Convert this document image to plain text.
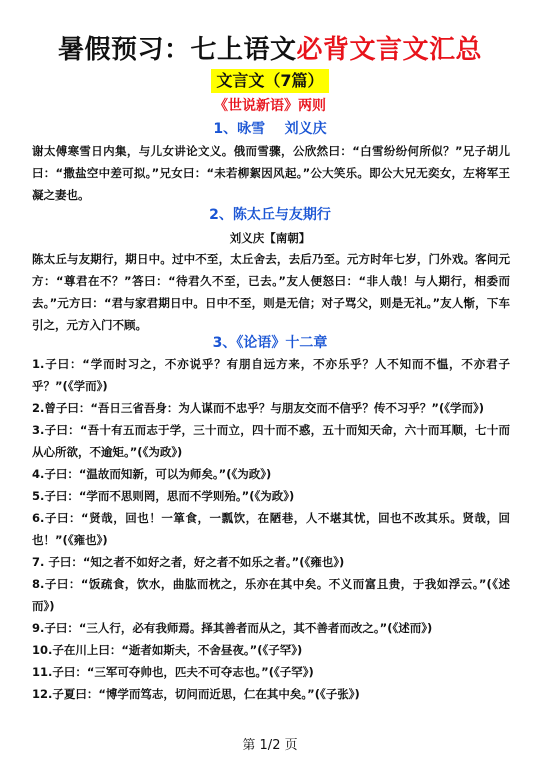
暑假预习：七上语文必背文言文汇总
文言文（7篇）
《世说新语》两则
1、咏雪    刘义庆
谢太傅寒雪日内集，与儿女讲论文义。俄而雪骤，公欣然曰：“白雪纷纷何所似？”兄子胡儿曰：“撒盐空中差可拟。”兄女曰：“未若柳絮因风起。”公大笑乐。即公大兄无奕女，左将军王凝之妻也。
2、陈太丘与友期行
刘义庆【南朝】
陈太丘与友期行，期日中。过中不至，太丘舍去，去后乃至。元方时年七岁，门外戏。客问元方：“尊君在不？”答曰：“待君久不至，已去。”友人便怒曰：“非人哉！与人期行，相委而去。”元方曰：“君与家君期日中。日中不至，则是无信；对子骂父，则是无礼。”友人惭，下车引之，元方入门不顾。
3、《论语》十二章
1.子曰：“学而时习之，不亦说乎？有朋自远方来，不亦乐乎？人不知而不愠，不亦君子乎？”(《学而》)
2.曾子曰：“吾日三省吾身：为人谋而不忠乎？与朋友交而不信乎？传不习乎？”(《学而》)
3.子曰：“吾十有五而志于学，三十而立，四十而不惑，五十而知天命，六十而耳顺，七十而从心所欲，不逾矩。”(《为政》)
4.子曰：“温故而知新，可以为师矣。”(《为政》)
5.子曰：“学而不思则罔，思而不学则殆。”(《为政》)
6.子曰：“贤哉，回也！一箪食，一瓢饮，在陋巷，人不堪其忧，回也不改其乐。贤哉，回也！”(《雍也》)
7. 子曰：“知之者不如好之者，好之者不如乐之者。”(《雍也》)
8.子曰：“饭疏食，饮水，曲肱而枕之，乐亦在其中矣。不义而富且贵，于我如浮云。”(《述而》)
9.子曰：“三人行，必有我师焉。择其善者而从之，其不善者而改之。”(《述而》)
10.子在川上曰：“逝者如斯夫，不舍昼夜。”(《子罕》)
11.子曰：“三军可夺帅也，匹夫不可夺志也。”(《子罕》)
12.子夏曰：“博学而笃志，切问而近思，仁在其中矣。”(《子张》)
第 1/2 页
